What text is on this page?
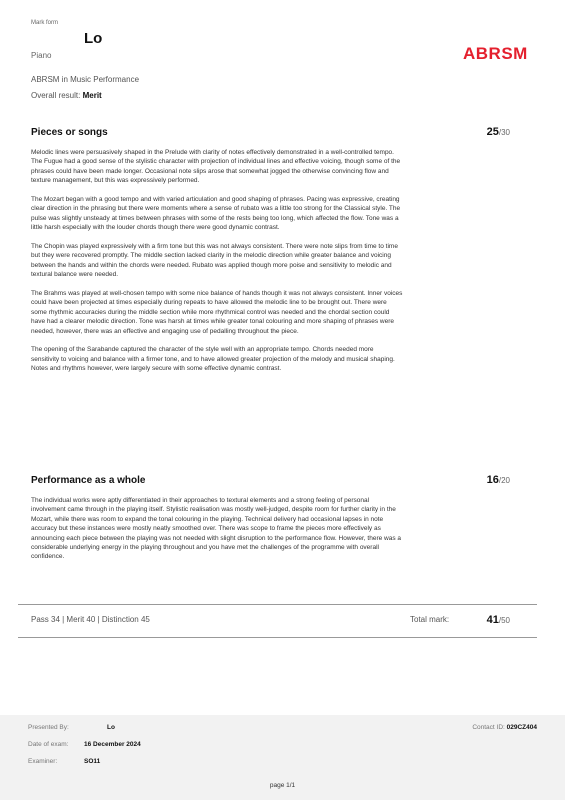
Mark form
Lo
ABRSM
Piano
ABRSM in Music Performance
Overall result: Merit
Pieces or songs	25/30

Melodic lines were persuasively shaped in the Prelude with clarity of notes effectively demonstrated in a well-controlled tempo. The Fugue had a good sense of the stylistic character with projection of individual lines and effective voicing, though some of the phrases could have been made longer. Occasional note slips arose that somewhat jogged the otherwise convincing flow and texture management, but this was expressively performed.

The Mozart began with a good tempo and with varied articulation and good shaping of phrases. Pacing was expressive, creating clear direction in the phrasing but there were moments where a sense of rubato was a little too strong for the Classical style. The pulse was slightly unsteady at times between phrases with some of the rests being too long, which affected the flow. Tone was a little harsh especially with the louder chords though there were good dynamic contrast.

The Chopin was played expressively with a firm tone but this was not always consistent. There were note slips from time to time but they were recovered promptly. The middle section lacked clarity in the melodic direction while greater balance and voicing between the hands and within the chords were needed. Rubato was applied though more poise and sensitivity to melodic and textural balance were needed.

The Brahms was played at well-chosen tempo with some nice balance of hands though it was not always consistent. Inner voices could have been projected at times especially during repeats to have allowed the melodic line to be brought out. There were some rhythmic accuracies during the middle section while more rhythmical control was needed and the chordal section could have had a clearer melodic direction. Tone was harsh at times while greater tonal colouring and more shaping of phrases were needed, however, there was an effective and engaging use of pedalling throughout the piece.

The opening of the Sarabande captured the character of the style well with an appropriate tempo. Chords needed more sensitivity to voicing and balance with a firmer tone, and to have allowed greater projection of the melody and musical shaping. Notes and rhythms however, were largely secure with some effective dynamic contrast.

Performance as a whole	16/20

The individual works were aptly differentiated in their approaches to textural elements and a strong feeling of personal involvement came through in the playing itself. Stylistic realisation was mostly well-judged, despite room for further clarity in the Mozart, while there was room to expand the tonal colouring in the playing. Technical delivery had occasional lapses in note accuracy but these instances were mostly neatly smoothed over. There was scope to frame the pieces more effectively as announcing each piece between the playing was not needed with slight disruption to the performance flow. However, there was a considerable underlying energy in the playing throughout and you have met the challenges of the programme with overall confidence.

Pass 34 | Merit 40 | Distinction 45	Total mark:	41/50
Presented By:	Lo
Date of exam: 16 December 2024
Examiner:	SO11
Contact ID: 029CZ404
page 1/1
